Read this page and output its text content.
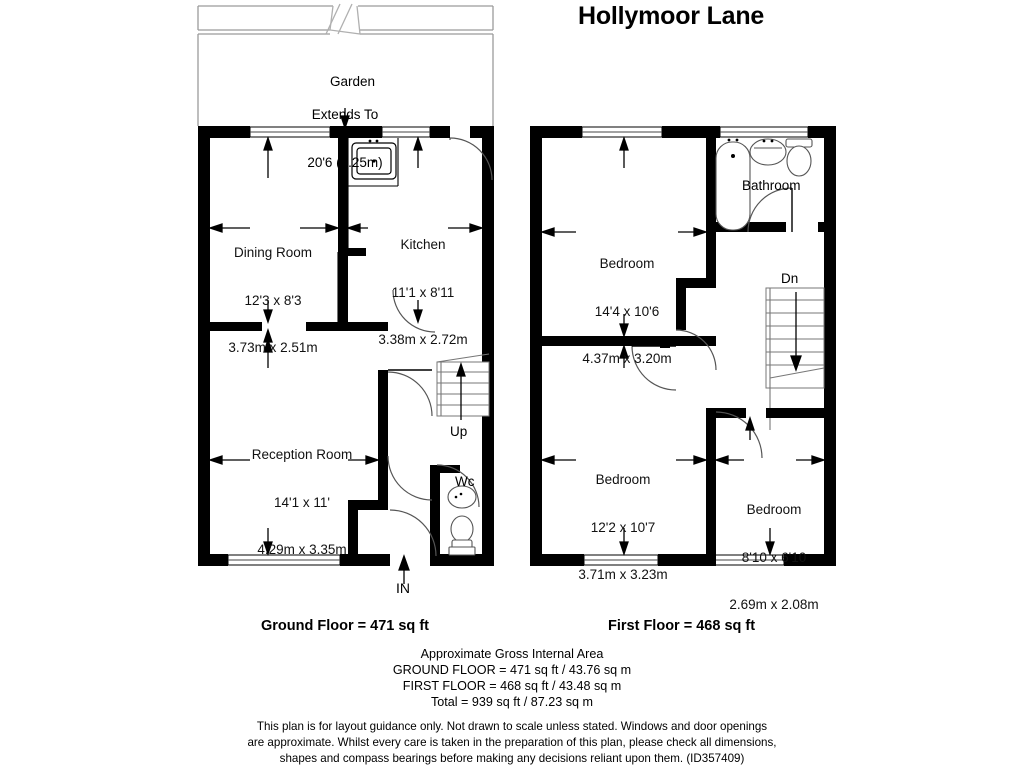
Hollymoor Lane

Garden

Extends To

20'6 (6.25m)

Dining Room

12'3 x 8'3

3.73m x 2.51m

Kitchen

11'1 x 8'11

3.38m x 2.72m

Reception Room

14'1 x 11'

4.29m x 3.35m

Up
Wc
IN

Bedroom

14'4 x 10'6

4.37m x 3.20m

Bedroom

12'2 x 10'7

3.71m x 3.23m

Bedroom

8'10 x 6'10

2.69m x 2.08m

Bathroom
Dn
Ground Floor = 471 sq ft	First Floor = 468 sq ft
Approximate Gross Internal Area
GROUND FLOOR = 471 sq ft / 43.76 sq m
FIRST FLOOR = 468 sq ft / 43.48 sq m
Total = 939 sq ft / 87.23 sq m
This plan is for layout guidance only. Not drawn to scale unless stated. Windows and door openings
are approximate. Whilst every care is taken in the preparation of this plan, please check all dimensions,
shapes and compass bearings before making any decisions reliant upon them. (ID357409)
